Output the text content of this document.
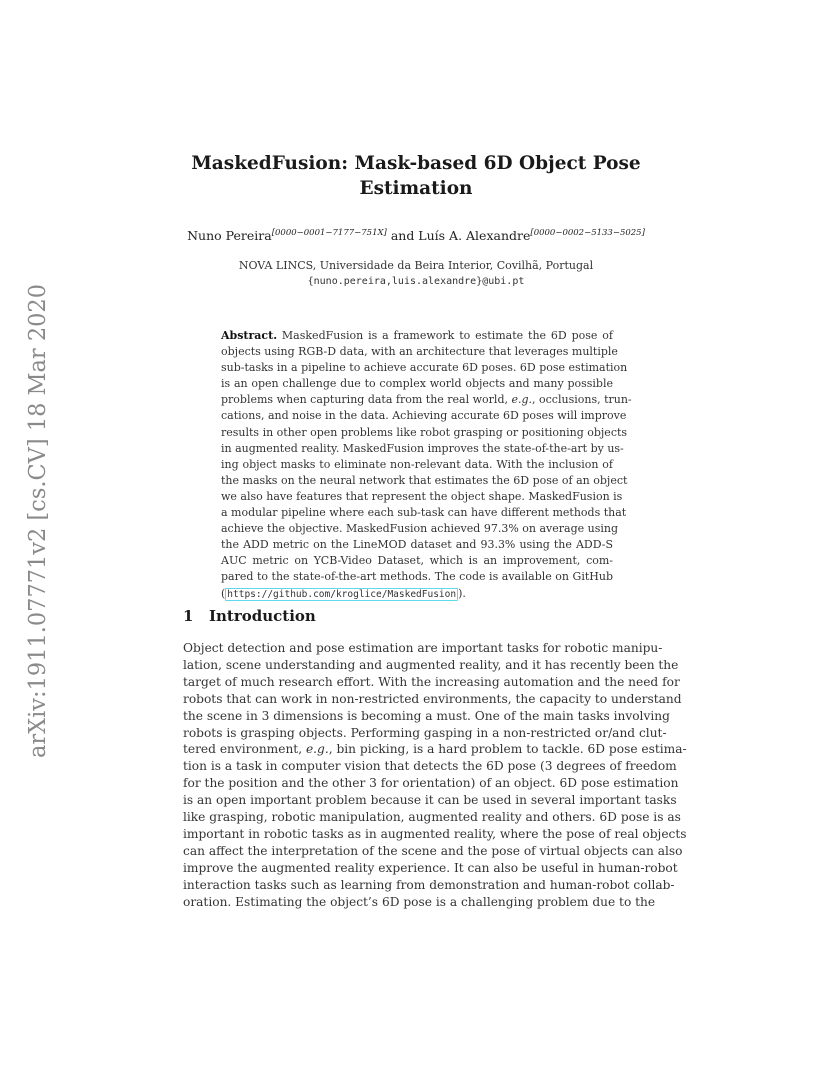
arXiv:1911.07771v2 [cs.CV] 18 Mar 2020
MaskedFusion: Mask-based 6D Object Pose
Estimation
Nuno Pereira[0000−0001−7177−751X] and Luís A. Alexandre[0000−0002−5133−5025]
NOVA LINCS, Universidade da Beira Interior, Covilhã, Portugal
{nuno.pereira,luis.alexandre}@ubi.pt
Abstract. MaskedFusion is a framework to estimate the 6D pose of
objects using RGB-D data, with an architecture that leverages multiple
sub-tasks in a pipeline to achieve accurate 6D poses. 6D pose estimation
is an open challenge due to complex world objects and many possible
problems when capturing data from the real world, e.g., occlusions, trun-
cations, and noise in the data. Achieving accurate 6D poses will improve
results in other open problems like robot grasping or positioning objects
in augmented reality. MaskedFusion improves the state-of-the-art by us-
ing object masks to eliminate non-relevant data. With the inclusion of
the masks on the neural network that estimates the 6D pose of an object
we also have features that represent the object shape. MaskedFusion is
a modular pipeline where each sub-task can have different methods that
achieve the objective. MaskedFusion achieved 97.3% on average using
the ADD metric on the LineMOD dataset and 93.3% using the ADD-S
AUC metric on YCB-Video Dataset, which is an improvement, com-
pared to the state-of-the-art methods. The code is available on GitHub
( https://github.com/kroglice/MaskedFusion ).
1 Introduction
Object detection and pose estimation are important tasks for robotic manipu-
lation, scene understanding and augmented reality, and it has recently been the
target of much research effort. With the increasing automation and the need for
robots that can work in non-restricted environments, the capacity to understand
the scene in 3 dimensions is becoming a must. One of the main tasks involving
robots is grasping objects. Performing gasping in a non-restricted or/and clut-
tered environment, e.g., bin picking, is a hard problem to tackle. 6D pose estima-
tion is a task in computer vision that detects the 6D pose (3 degrees of freedom
for the position and the other 3 for orientation) of an object. 6D pose estimation
is an open important problem because it can be used in several important tasks
like grasping, robotic manipulation, augmented reality and others. 6D pose is as
important in robotic tasks as in augmented reality, where the pose of real objects
can affect the interpretation of the scene and the pose of virtual objects can also
improve the augmented reality experience. It can also be useful in human-robot
interaction tasks such as learning from demonstration and human-robot collab-
oration. Estimating the object’s 6D pose is a challenging problem due to the
